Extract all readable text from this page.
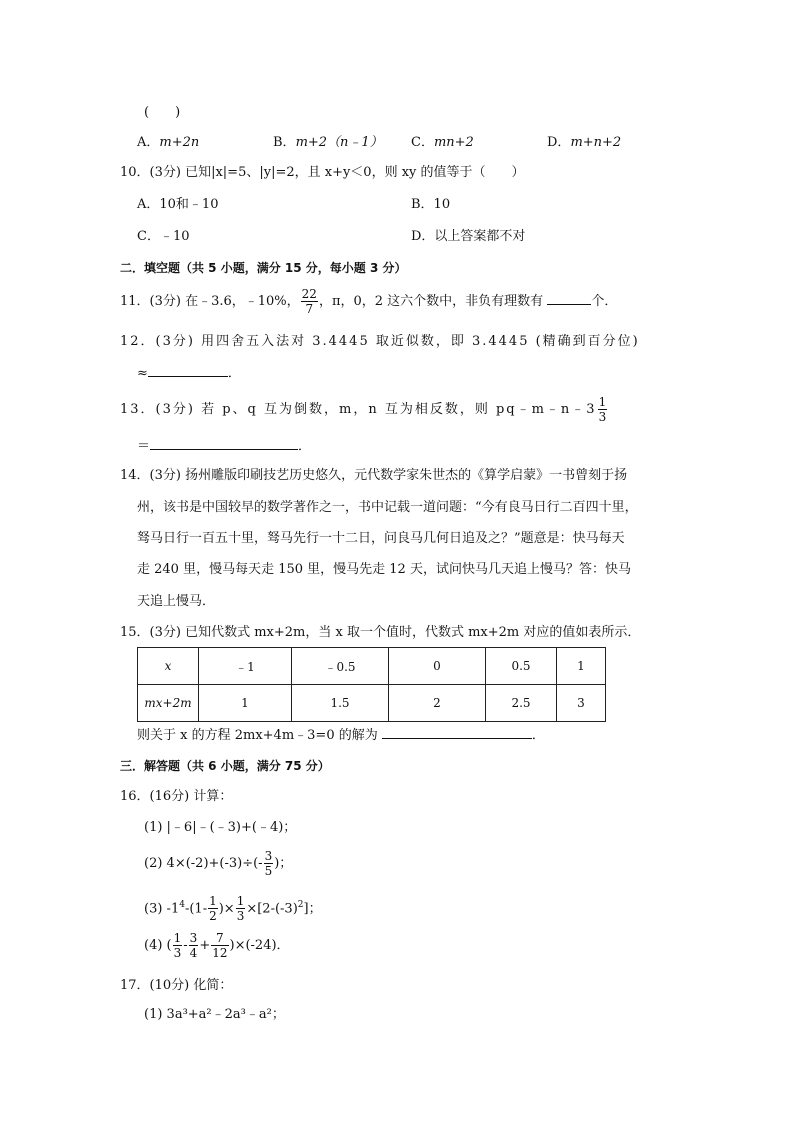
(　　)
A．m+2n	B．m+2（n﹣1） C．mn+2	D．m+n+2
10．(3分) 已知|x|=5、|y|=2，且 x+y＜0，则 xy 的值等于（　　）
A．10和﹣10	B．10
C．﹣10	D．以上答案都不对
二．填空题（共 5 小题，满分 15 分，每小题 3 分）
11．(3分) 在﹣3.6，﹣10%， $\frac{22}{7}$ ，π，0，2 这六个数中，非负有理数有	个．
12．(3分) 用四舍五入法对 3.4445 取近似数，即 3.4445 (精确到百分位)
≈	．
13．(3分) 若 p、q 互为倒数，m，n 互为相反数，则 pq﹣m﹣n﹣3 $\frac{1}{3}$
＝	．
14．(3分) 扬州雕版印刷技艺历史悠久，元代数学家朱世杰的《算学启蒙》一书曾刻于扬
州，该书是中国较早的数学著作之一，书中记载一道问题：“今有良马日行二百四十里，
驽马日行一百五十里，驽马先行一十二日，问良马几何日追及之？”题意是：快马每天
走 240 里，慢马每天走 150 里，慢马先走 12 天，试问快马几天追上慢马？答：快马
天追上慢马．
15．(3分) 已知代数式 mx+2m，当 x 取一个值时，代数式 mx+2m 对应的值如表所示．
x	﹣1	﹣0.5	0	0.5	1
mx+2m	1	1.5	2	2.5	3
则关于 x 的方程 2mx+4m﹣3=0 的解为	．
三．解答题（共 6 小题，满分 75 分）
16．(16分) 计算：
(1) |﹣6|﹣(﹣3)+(﹣4)；
(2) $4\times(-2)+(-3)\div(- \frac{3}{5}$ )；
(3) $-1^4-(1- \frac{1}{2}$ )× $\frac{1}{3} \times[2-(-3)^2]$；
(4) ( $\frac{1}{3} - \frac{3}{4} + \frac{7}{12} )\times(-24)$．
17．(10分) 化简：
(1) 3a³+a²﹣2a³﹣a²；
